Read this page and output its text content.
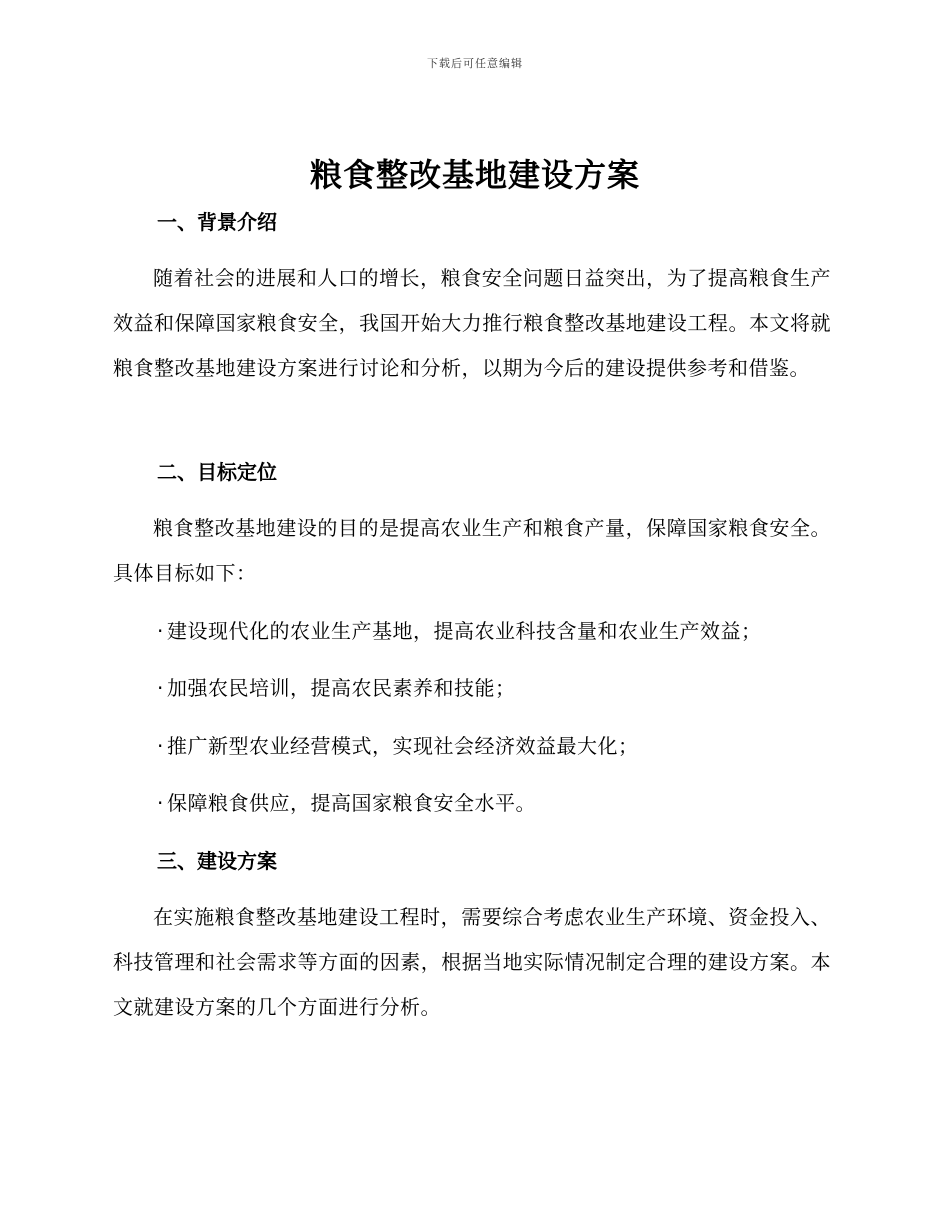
下载后可任意编辑
粮食整改基地建设方案
一、背景介绍

随着社会的进展和人口的增长，粮食安全问题日益突出，为了提高粮食生产效益和保障国家粮食安全，我国开始大力推行粮食整改基地建设工程。本文将就粮食整改基地建设方案进行讨论和分析，以期为今后的建设提供参考和借鉴。

二、目标定位

粮食整改基地建设的目的是提高农业生产和粮食产量，保障国家粮食安全。具体目标如下：

· 建设现代化的农业生产基地，提高农业科技含量和农业生产效益；
· 加强农民培训，提高农民素养和技能；
· 推广新型农业经营模式，实现社会经济效益最大化；
· 保障粮食供应，提高国家粮食安全水平。
三、建设方案

在实施粮食整改基地建设工程时，需要综合考虑农业生产环境、资金投入、科技管理和社会需求等方面的因素，根据当地实际情况制定合理的建设方案。本文就建设方案的几个方面进行分析。
